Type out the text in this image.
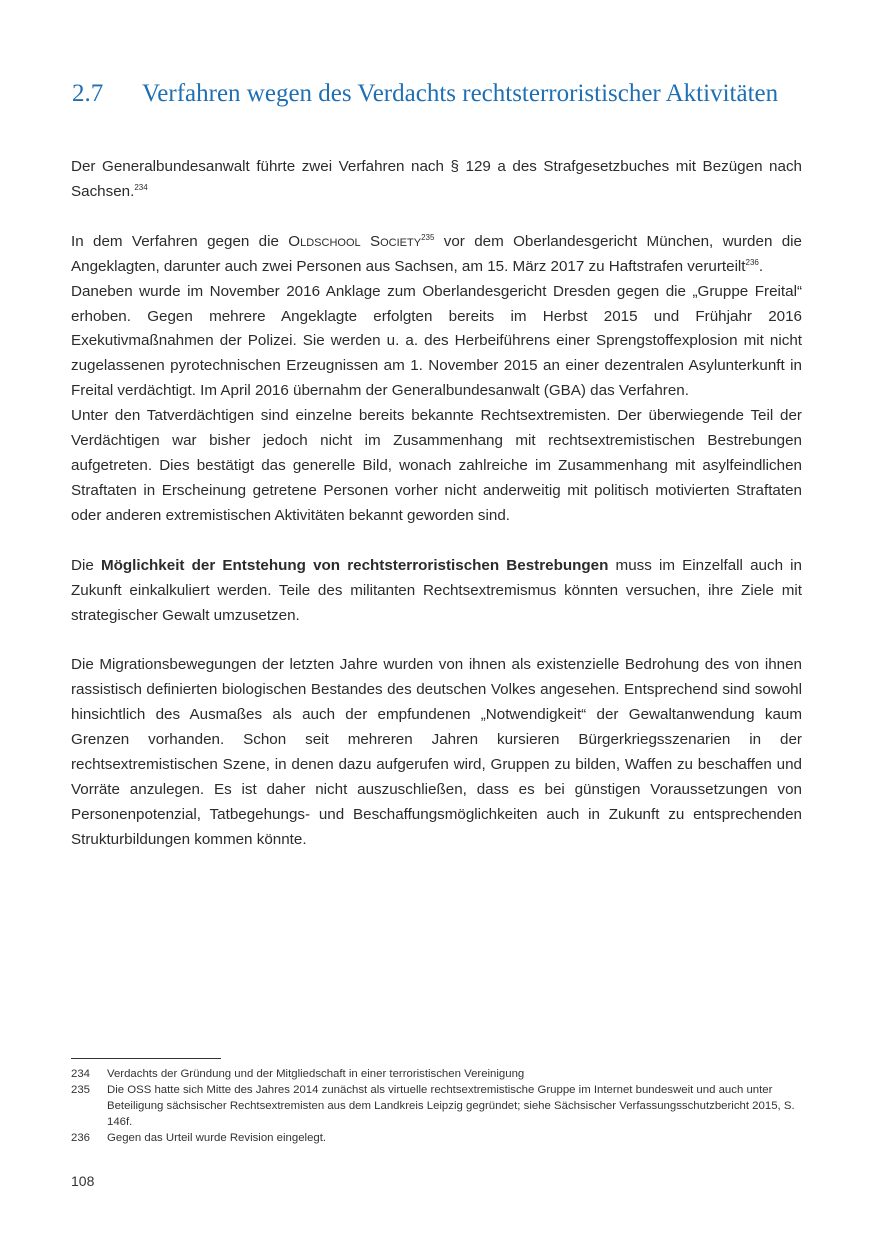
2.7 Verfahren wegen des Verdachts rechtsterroristischer Aktivitäten

Der Generalbundesanwalt führte zwei Verfahren nach § 129 a des Strafgesetzbuches mit Bezügen nach Sachsen.$^{234}$

In dem Verfahren gegen die Oldschool Society$^{235}$ vor dem Oberlandesgericht München, wurden die Angeklagten, darunter auch zwei Personen aus Sachsen, am 15. März 2017 zu Haftstrafen verurteilt$^{236}$.

Daneben wurde im November 2016 Anklage zum Oberlandesgericht Dresden gegen die „Gruppe Freital“ erhoben. Gegen mehrere Angeklagte erfolgten bereits im Herbst 2015 und Frühjahr 2016 Exekutivmaßnahmen der Polizei. Sie werden u. a. des Herbeiführens einer Sprengstoffexplosion mit nicht zugelassenen pyrotechnischen Erzeugnissen am 1. November 2015 an einer dezentralen Asylunterkunft in Freital verdächtigt. Im April 2016 übernahm der Generalbundesanwalt (GBA) das Verfahren.

Unter den Tatverdächtigen sind einzelne bereits bekannte Rechtsextremisten. Der überwiegende Teil der Verdächtigen war bisher jedoch nicht im Zusammenhang mit rechtsextremistischen Bestrebungen aufgetreten. Dies bestätigt das generelle Bild, wonach zahlreiche im Zusammenhang mit asylfeindlichen Straftaten in Erscheinung getretene Personen vorher nicht anderweitig mit politisch motivierten Straftaten oder anderen extremistischen Aktivitäten bekannt geworden sind.

Die Möglichkeit der Entstehung von rechtsterroristischen Bestrebungen muss im Einzelfall auch in Zukunft einkalkuliert werden. Teile des militanten Rechtsextremismus könnten versuchen, ihre Ziele mit strategischer Gewalt umzusetzen.

Die Migrationsbewegungen der letzten Jahre wurden von ihnen als existenzielle Bedrohung des von ihnen rassistisch definierten biologischen Bestandes des deutschen Volkes angesehen. Entsprechend sind sowohl hinsichtlich des Ausmaßes als auch der empfundenen „Notwendigkeit“ der Gewaltanwendung kaum Grenzen vorhanden. Schon seit mehreren Jahren kursieren Bürgerkriegsszenarien in der rechtsextremistischen Szene, in denen dazu aufgerufen wird, Gruppen zu bilden, Waffen zu beschaffen und Vorräte anzulegen. Es ist daher nicht auszuschließen, dass es bei günstigen Voraussetzungen von Personenpotenzial, Tatbegehungs- und Beschaffungsmöglichkeiten auch in Zukunft zu entsprechenden Strukturbildungen kommen könnte.

234 Verdachts der Gründung und der Mitgliedschaft in einer terroristischen Vereinigung

235 Die OSS hatte sich Mitte des Jahres 2014 zunächst als virtuelle rechtsextremistische Gruppe im Internet bundesweit und auch unter Beteiligung sächsischer Rechtsextremisten aus dem Landkreis Leipzig gegründet; siehe Sächsischer Verfassungsschutzbericht 2015, S. 146f.

236 Gegen das Urteil wurde Revision eingelegt.

108
